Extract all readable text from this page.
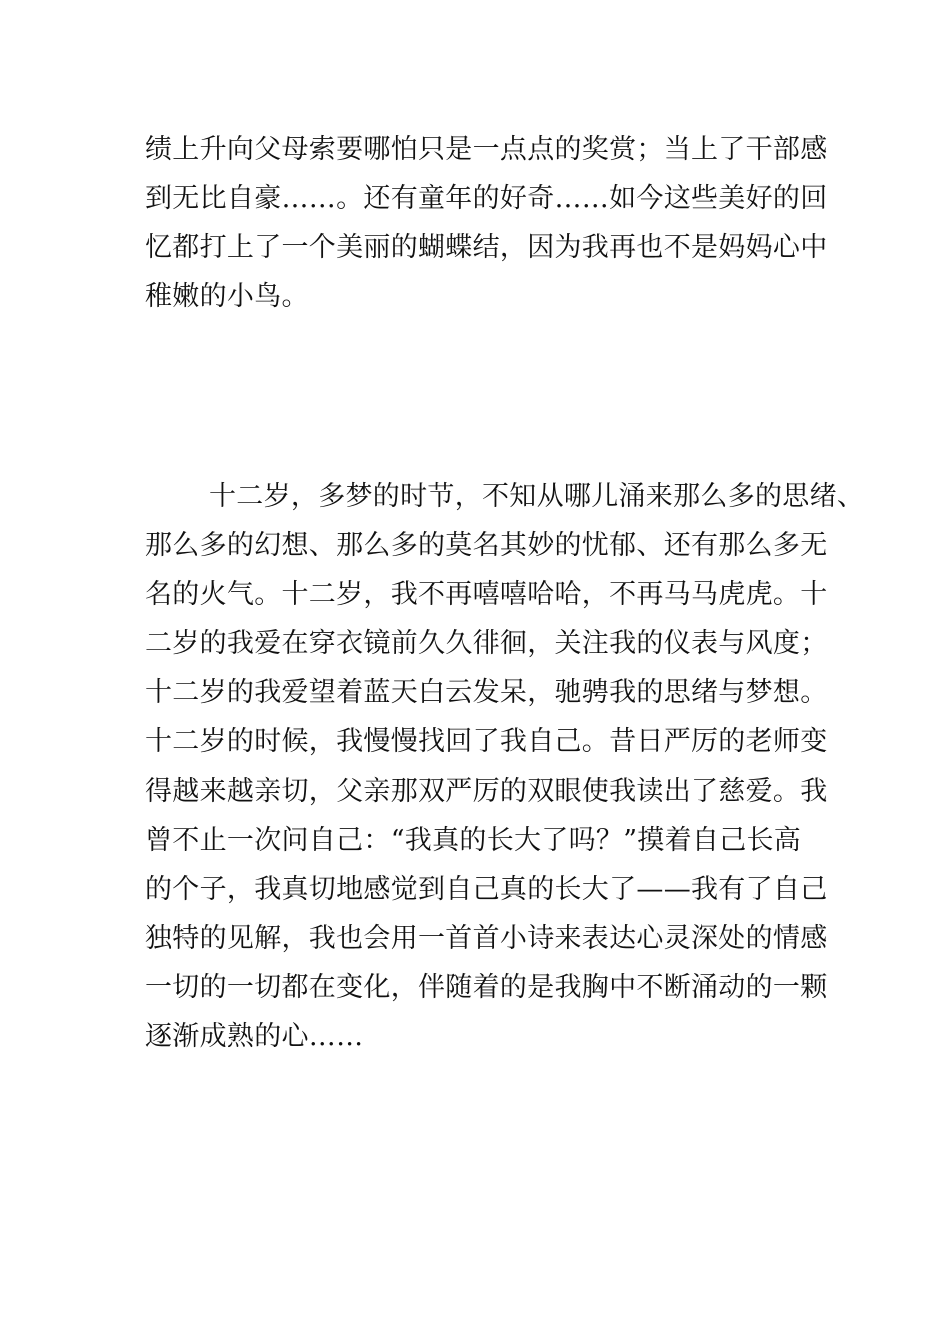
绩上升向父母索要哪怕只是一点点的奖赏；当上了干部感
到无比自豪……。还有童年的好奇……如今这些美好的回
忆都打上了一个美丽的蝴蝶结，因为我再也不是妈妈心中
稚嫩的小鸟。
十二岁，多梦的时节，不知从哪儿涌来那么多的思绪、
那么多的幻想、那么多的莫名其妙的忧郁、还有那么多无
名的火气。十二岁，我不再嘻嘻哈哈，不再马马虎虎。十
二岁的我爱在穿衣镜前久久徘徊，关注我的仪表与风度；
十二岁的我爱望着蓝天白云发呆，驰骋我的思绪与梦想。
十二岁的时候，我慢慢找回了我自己。昔日严厉的老师变
得越来越亲切，父亲那双严厉的双眼使我读出了慈爱。我
曾不止一次问自己：“我真的长大了吗？”摸着自己长高
的个子，我真切地感觉到自己真的长大了——我有了自己
独特的见解，我也会用一首首小诗来表达心灵深处的情感
一切的一切都在变化，伴随着的是我胸中不断涌动的一颗
逐渐成熟的心……
